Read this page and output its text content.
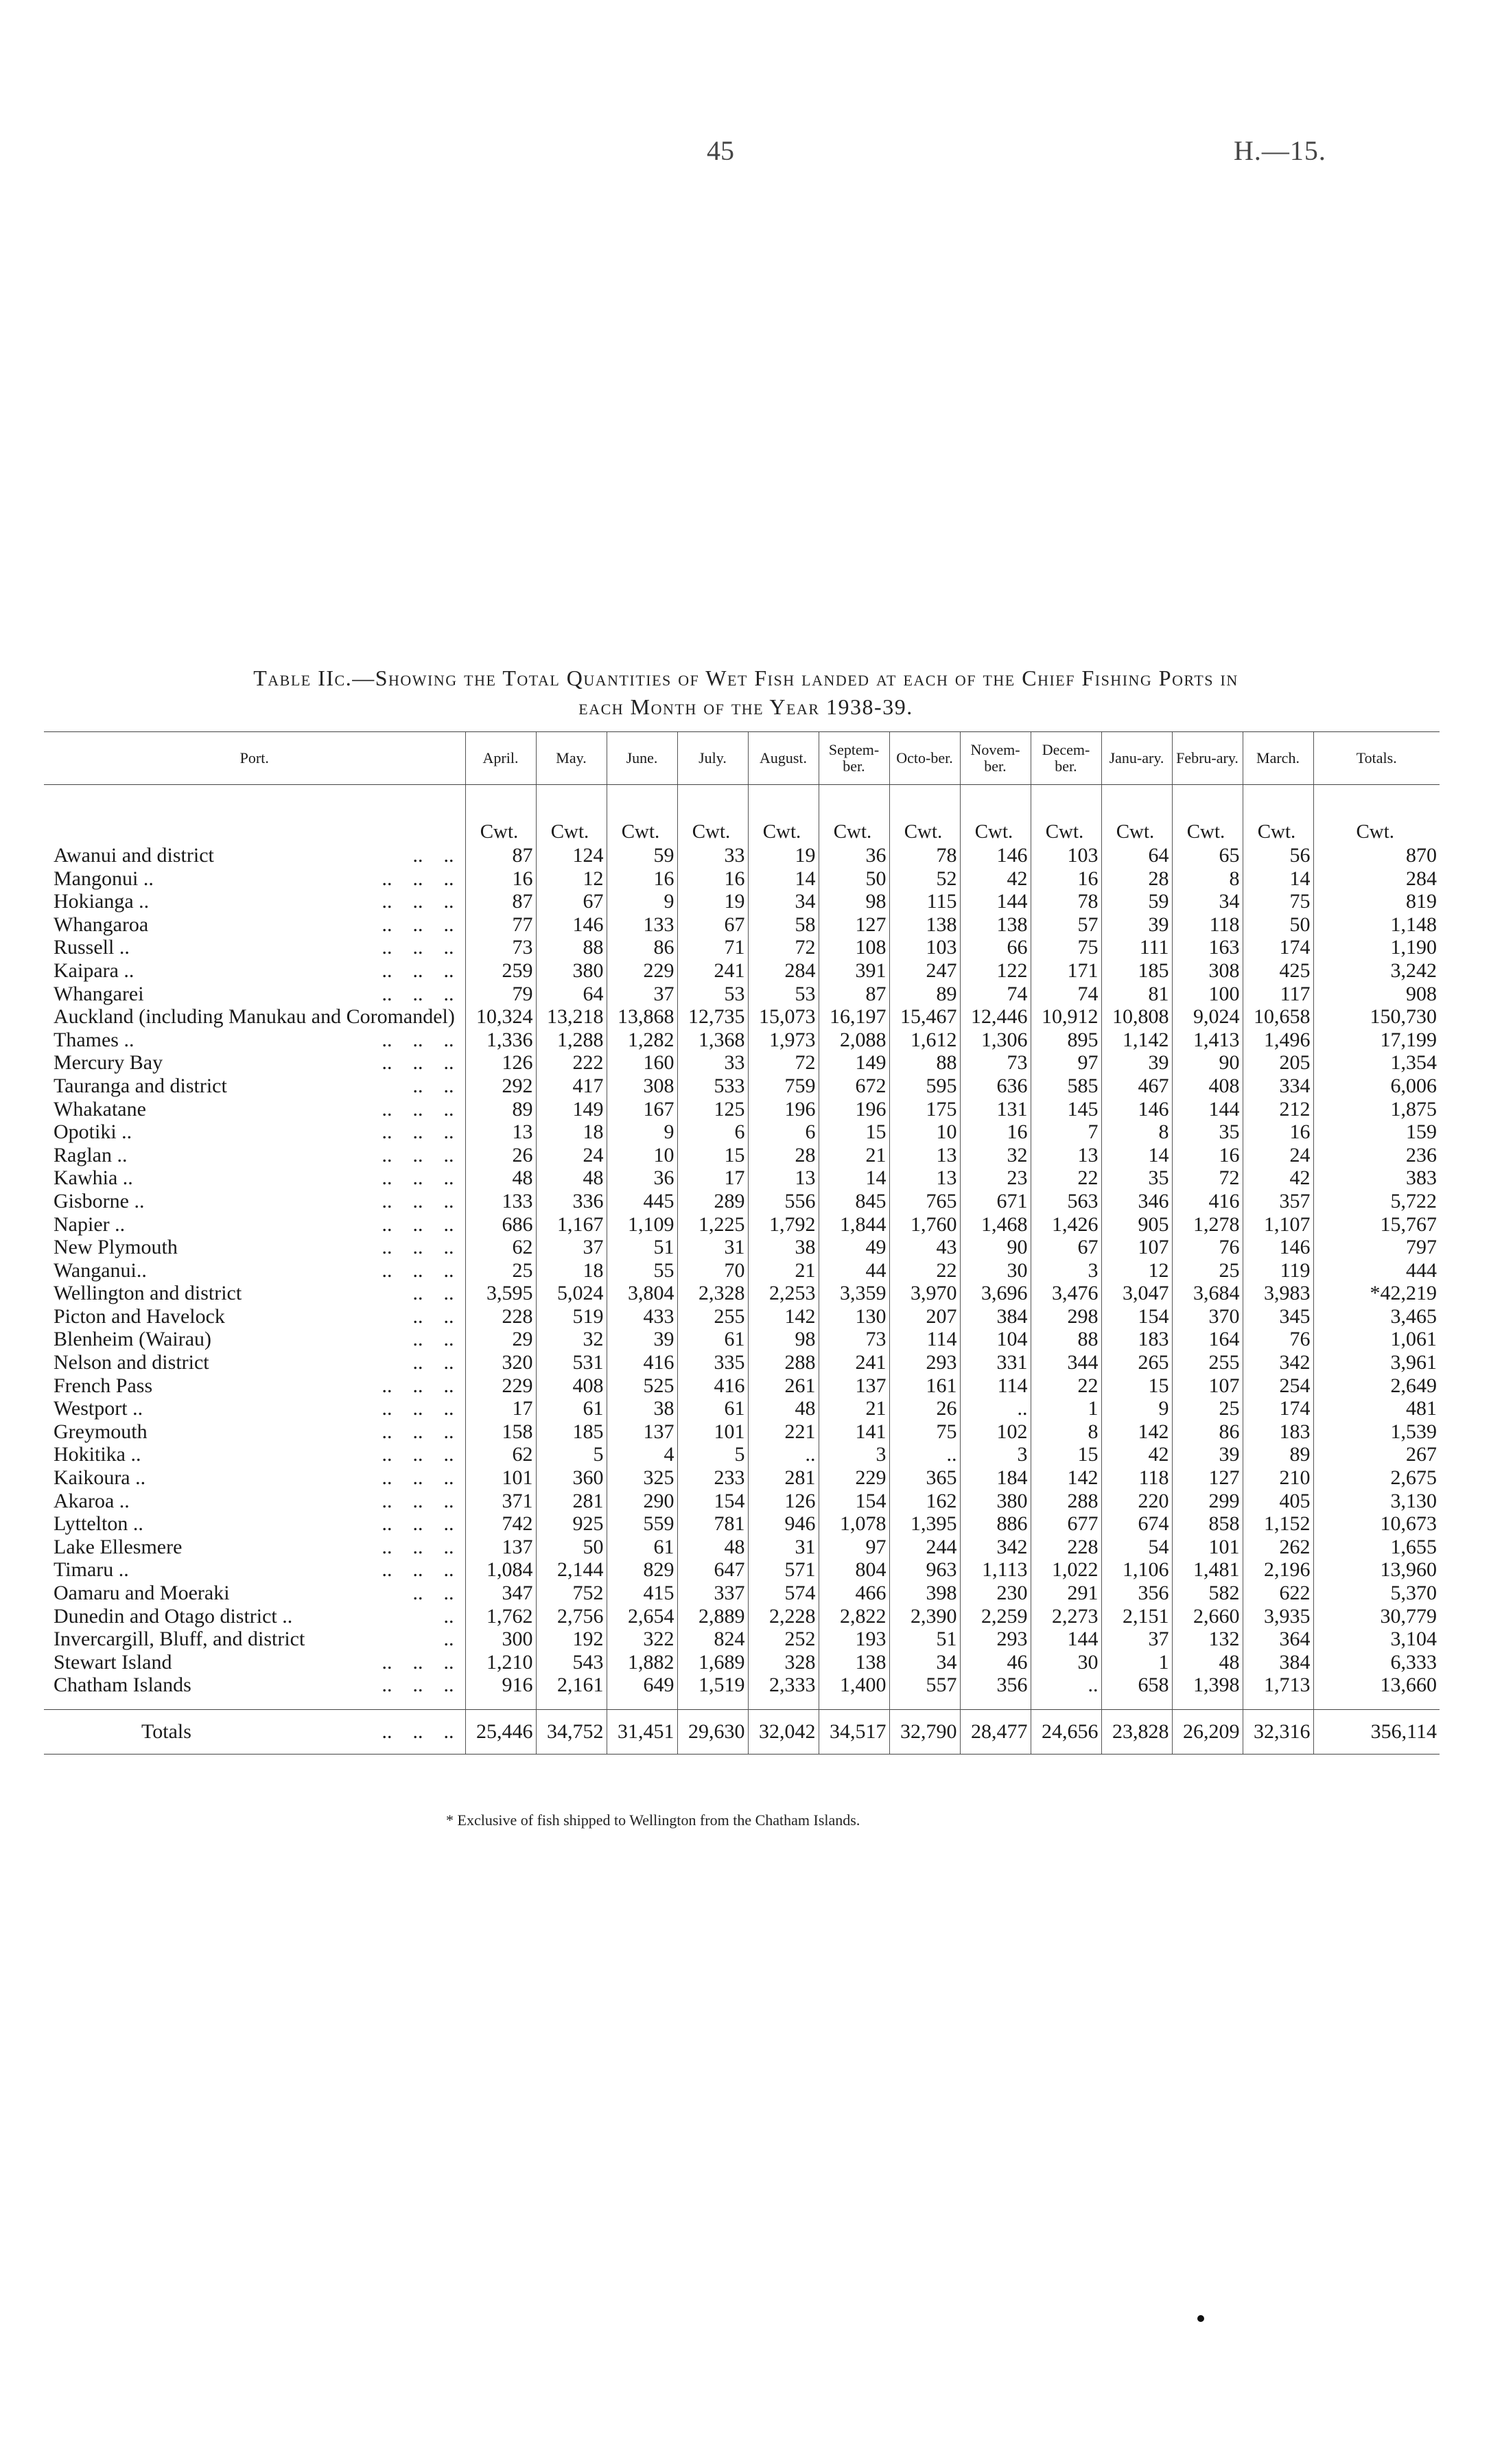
45	H.—15.
Table IIc.—Showing the Total Quantities of Wet Fish landed at each of the Chief Fishing Ports in
each Month of the Year 1938-39.
Port.	April.	May.	June.	July.	August.	Septem-ber.	Octo-ber.	Novem-ber.	Decem-ber.	Janu-ary.	Febru-ary.	March.	Totals.
	Cwt.	Cwt.	Cwt.	Cwt.	Cwt.	Cwt.	Cwt.	Cwt.	Cwt.	Cwt.	Cwt.	Cwt.	Cwt.
Awanui and district ..    ..	87	124	59	33	19	36	78	146	103	64	65	56	870
Mangonui .. ..    ..    ..	16	12	16	16	14	50	52	42	16	28	8	14	284
Hokianga .. ..    ..    ..	87	67	9	19	34	98	115	144	78	59	34	75	819
Whangaroa ..    ..    ..	77	146	133	67	58	127	138	138	57	39	118	50	1,148
Russell .. ..    ..    ..	73	88	86	71	72	108	103	66	75	111	163	174	1,190
Kaipara .. ..    ..    ..	259	380	229	241	284	391	247	122	171	185	308	425	3,242
Whangarei ..    ..    ..	79	64	37	53	53	87	89	74	74	81	100	117	908
Auckland (including Manukau and Coromandel)	10,324	13,218	13,868	12,735	15,073	16,197	15,467	12,446	10,912	10,808	9,024	10,658	150,730
Thames .. ..    ..    ..	1,336	1,288	1,282	1,368	1,973	2,088	1,612	1,306	895	1,142	1,413	1,496	17,199
Mercury Bay ..    ..    ..	126	222	160	33	72	149	88	73	97	39	90	205	1,354
Tauranga and district ..    ..	292	417	308	533	759	672	595	636	585	467	408	334	6,006
Whakatane ..    ..    ..	89	149	167	125	196	196	175	131	145	146	144	212	1,875
Opotiki .. ..    ..    ..	13	18	9	6	6	15	10	16	7	8	35	16	159
Raglan .. ..    ..    ..	26	24	10	15	28	21	13	32	13	14	16	24	236
Kawhia .. ..    ..    ..	48	48	36	17	13	14	13	23	22	35	72	42	383
Gisborne .. ..    ..    ..	133	336	445	289	556	845	765	671	563	346	416	357	5,722
Napier .. ..    ..    ..	686	1,167	1,109	1,225	1,792	1,844	1,760	1,468	1,426	905	1,278	1,107	15,767
New Plymouth ..    ..    ..	62	37	51	31	38	49	43	90	67	107	76	146	797
Wanganui.. ..    ..    ..	25	18	55	70	21	44	22	30	3	12	25	119	444
Wellington and district ..    ..	3,595	5,024	3,804	2,328	2,253	3,359	3,970	3,696	3,476	3,047	3,684	3,983	*42,219
Picton and Havelock ..    ..	228	519	433	255	142	130	207	384	298	154	370	345	3,465
Blenheim (Wairau) ..    ..	29	32	39	61	98	73	114	104	88	183	164	76	1,061
Nelson and district ..    ..	320	531	416	335	288	241	293	331	344	265	255	342	3,961
French Pass ..    ..    ..	229	408	525	416	261	137	161	114	22	15	107	254	2,649
Westport .. ..    ..    ..	17	61	38	61	48	21	26	..	1	9	25	174	481
Greymouth ..    ..    ..	158	185	137	101	221	141	75	102	8	142	86	183	1,539
Hokitika .. ..    ..    ..	62	5	4	5	..	3	..	3	15	42	39	89	267
Kaikoura .. ..    ..    ..	101	360	325	233	281	229	365	184	142	118	127	210	2,675
Akaroa .. ..    ..    ..	371	281	290	154	126	154	162	380	288	220	299	405	3,130
Lyttelton .. ..    ..    ..	742	925	559	781	946	1,078	1,395	886	677	674	858	1,152	10,673
Lake Ellesmere ..    ..    ..	137	50	61	48	31	97	244	342	228	54	101	262	1,655
Timaru .. ..    ..    ..	1,084	2,144	829	647	571	804	963	1,113	1,022	1,106	1,481	2,196	13,960
Oamaru and Moeraki ..    ..	347	752	415	337	574	466	398	230	291	356	582	622	5,370
Dunedin and Otago district .. ..	1,762	2,756	2,654	2,889	2,228	2,822	2,390	2,259	2,273	2,151	2,660	3,935	30,779
Invercargill, Bluff, and district ..	300	192	322	824	252	193	51	293	144	37	132	364	3,104
Stewart Island ..    ..    ..	1,210	543	1,882	1,689	328	138	34	46	30	1	48	384	6,333
Chatham Islands ..    ..    ..	916	2,161	649	1,519	2,333	1,400	557	356	..	658	1,398	1,713	13,660

Totals ..    ..    ..	25,446	34,752	31,451	29,630	32,042	34,517	32,790	28,477	24,656	23,828	26,209	32,316	356,114
* Exclusive of fish shipped to Wellington from the Chatham Islands.
